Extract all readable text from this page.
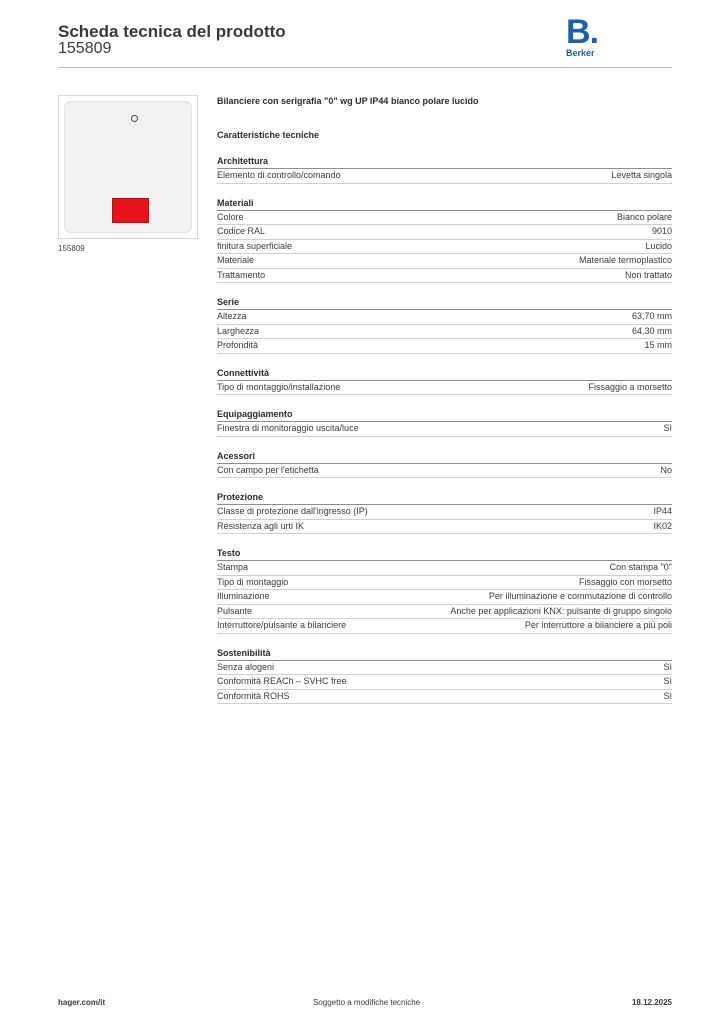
Scheda tecnica del prodotto
155809	B.
Berker
155809
Bilanciere con serigrafia "0" wg UP IP44 bianco polare lucido
Caratteristiche tecniche
Architettura
Elemento di controllo/comando	Levetta singola
Materiali
Colore	Bianco polare
Codice RAL	9010
finitura superficiale	Lucido
Materiale	Materiale termoplastico
Trattamento	Non trattato
Serie
Altezza	63,70 mm
Larghezza	64,30 mm
Profondità	15 mm
Connettività
Tipo di montaggio/installazione	Fissaggio a morsetto
Equipaggiamento
Finestra di monitoraggio uscita/luce	Sì
Acessori
Con campo per l'etichetta	No
Protezione
Classe di protezione dall'ingresso (IP)	IP44
Resistenza agli urti IK	IK02
Testo
Stampa	Con stampa "0"
Tipo di montaggio	Fissaggio con morsetto
Illuminazione	Per illuminazione e commutazione di controllo
Pulsante	Anche per applicazioni KNX: pulsante di gruppo singolo
Interruttore/pulsante a bilanciere	Per interruttore a bilanciere a più poli
Sostenibilità
Senza alogeni	Sì
Conformità REACh – SVHC free	Sì
Conformità ROHS	Sì
hager.com/it	Soggetto a modifiche tecniche	18.12.2025
